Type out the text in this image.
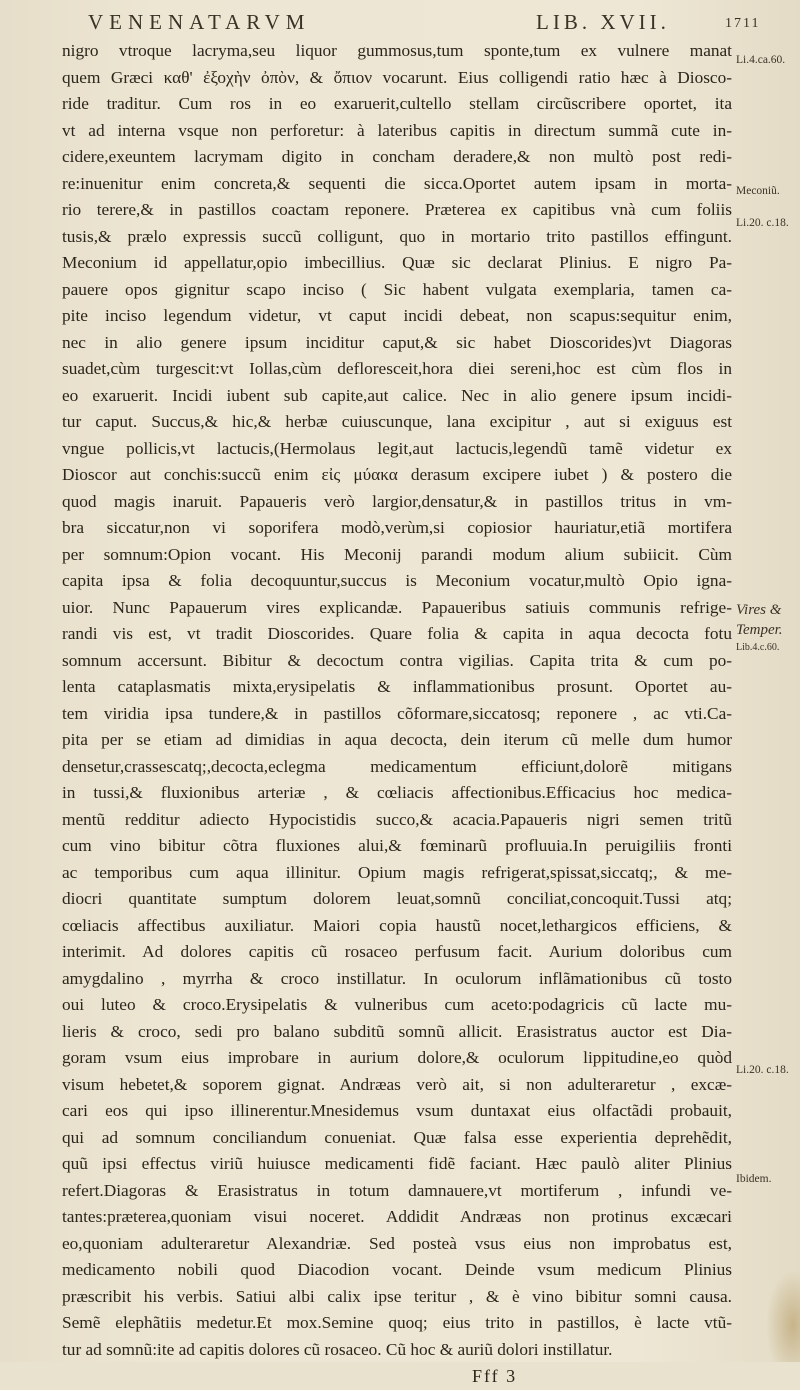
VENENATARVM	LIB. XVII.	1711
nigro vtroque lacryma,seu liquor gummosus,tum sponte,tum ex vulnere manat
quem Græci καθ' ἐξοχὴν ὀπὸν, & ὄπιον vocarunt. Eius colligendi ratio hæc à Diosco-
ride traditur. Cum ros in eo exaruerit,cultello stellam circũscribere oportet, ita
vt ad interna vsque non perforetur: à lateribus capitis in directum summã cute in-
cidere,exeuntem lacrymam digito in concham deradere,& non multò post redi-
re:inuenitur enim concreta,& sequenti die sicca.Oportet autem ipsam in morta-
rio terere,& in pastillos coactam reponere. Præterea ex capitibus vnà cum foliis
tusis,& prælo expressis succũ colligunt, quo in mortario trito pastillos effingunt.
Meconium id appellatur,opio imbecillius. Quæ sic declarat Plinius. E nigro Pa-
pauere opos gignitur scapo inciso ( Sic habent vulgata exemplaria, tamen ca-
pite inciso legendum videtur, vt caput incidi debeat, non scapus:sequitur enim,
nec in alio genere ipsum inciditur caput,& sic habet Dioscorides)vt Diagoras
suadet,cùm turgescit:vt Iollas,cùm defloresceit,hora diei sereni,hoc est cùm flos in
eo exaruerit. Incidi iubent sub capite,aut calice. Nec in alio genere ipsum incidi-
tur caput. Succus,& hic,& herbæ cuiuscunque, lana excipitur , aut si exiguus est
vngue pollicis,vt lactucis,(Hermolaus legit,aut lactucis,legendũ tamẽ videtur ex
Dioscor aut conchis:succũ enim εἰς μύακα derasum excipere iubet ) & postero die
quod magis inaruit. Papaueris verò largior,densatur,& in pastillos tritus in vm-
bra siccatur,non vi soporifera modò,verùm,si copiosior hauriatur,etiã mortifera
per somnum:Opion vocant. His Meconij parandi modum alium subiicit. Cùm
capita ipsa & folia decoquuntur,succus is Meconium vocatur,multò Opio igna-
uior. Nunc Papauerum vires explicandæ. Papaueribus satiuis communis refrige-
randi vis est, vt tradit Dioscorides. Quare folia & capita in aqua decocta fotu
somnum accersunt. Bibitur & decoctum contra vigilias. Capita trita & cum po-
lenta cataplasmatis mixta,erysipelatis & inflammationibus prosunt. Oportet au-
tem viridia ipsa tundere,& in pastillos cõformare,siccatosq; reponere , ac vti.Ca-
pita per se etiam ad dimidias in aqua decocta, dein iterum cũ melle dum humor
densetur,crassescatq;,decocta,eclegma medicamentum efficiunt,dolorẽ mitigans
in tussi,& fluxionibus arteriæ , & cœliacis affectionibus.Efficacius hoc medica-
mentũ redditur adiecto Hypocistidis succo,& acacia.Papaueris nigri semen tritũ
cum vino bibitur cõtra fluxiones alui,& fœminarũ profluuia.In peruigiliis fronti
ac temporibus cum aqua illinitur. Opium magis refrigerat,spissat,siccatq;, & me-
diocri quantitate sumptum dolorem leuat,somnũ conciliat,concoquit.Tussi atq;
cœliacis affectibus auxiliatur. Maiori copia haustũ nocet,lethargicos efficiens, &
interimit. Ad dolores capitis cũ rosaceo perfusum facit. Aurium doloribus cum
amygdalino , myrrha & croco instillatur. In oculorum inflãmationibus cũ tosto
oui luteo & croco.Erysipelatis & vulneribus cum aceto:podagricis cũ lacte mu-
lieris & croco, sedi pro balano subditũ somnũ allicit. Erasistratus auctor est Dia-
goram vsum eius improbare in aurium dolore,& oculorum lippitudine,eo quòd
visum hebetet,& soporem gignat. Andræas verò ait, si non adulteraretur , excæ-
cari eos qui ipso illinerentur.Mnesidemus vsum duntaxat eius olfactãdi probauit,
qui ad somnum conciliandum conueniat. Quæ falsa esse experientia deprehẽdit,
quũ ipsi effectus viriũ huiusce medicamenti fidẽ faciant. Hæc paulò aliter Plinius
refert.Diagoras & Erasistratus in totum damnauere,vt mortiferum , infundi ve-
tantes:præterea,quoniam visui noceret. Addidit Andræas non protinus excæcari
eo,quoniam adulteraretur Alexandriæ. Sed posteà vsus eius non improbatus est,
medicamento nobili quod Diacodion vocant. Deinde vsum medicum Plinius
præscribit his verbis. Satiui albi calix ipse teritur , & è vino bibitur somni causa.
Semẽ elephãtiis medetur.Et mox.Semine quoq; eius trito in pastillos, è lacte vtũ-
tur ad somnũ:ite ad capitis dolores cũ rosaceo. Cũ hoc & auriũ dolori instillatur.
Fff 3
Li.4.ca.60.
Meconiũ.
Li.20. c.18.
Vires &
Temper.
Lib.4.c.60.
Li.20. c.18.
Ibidem.
